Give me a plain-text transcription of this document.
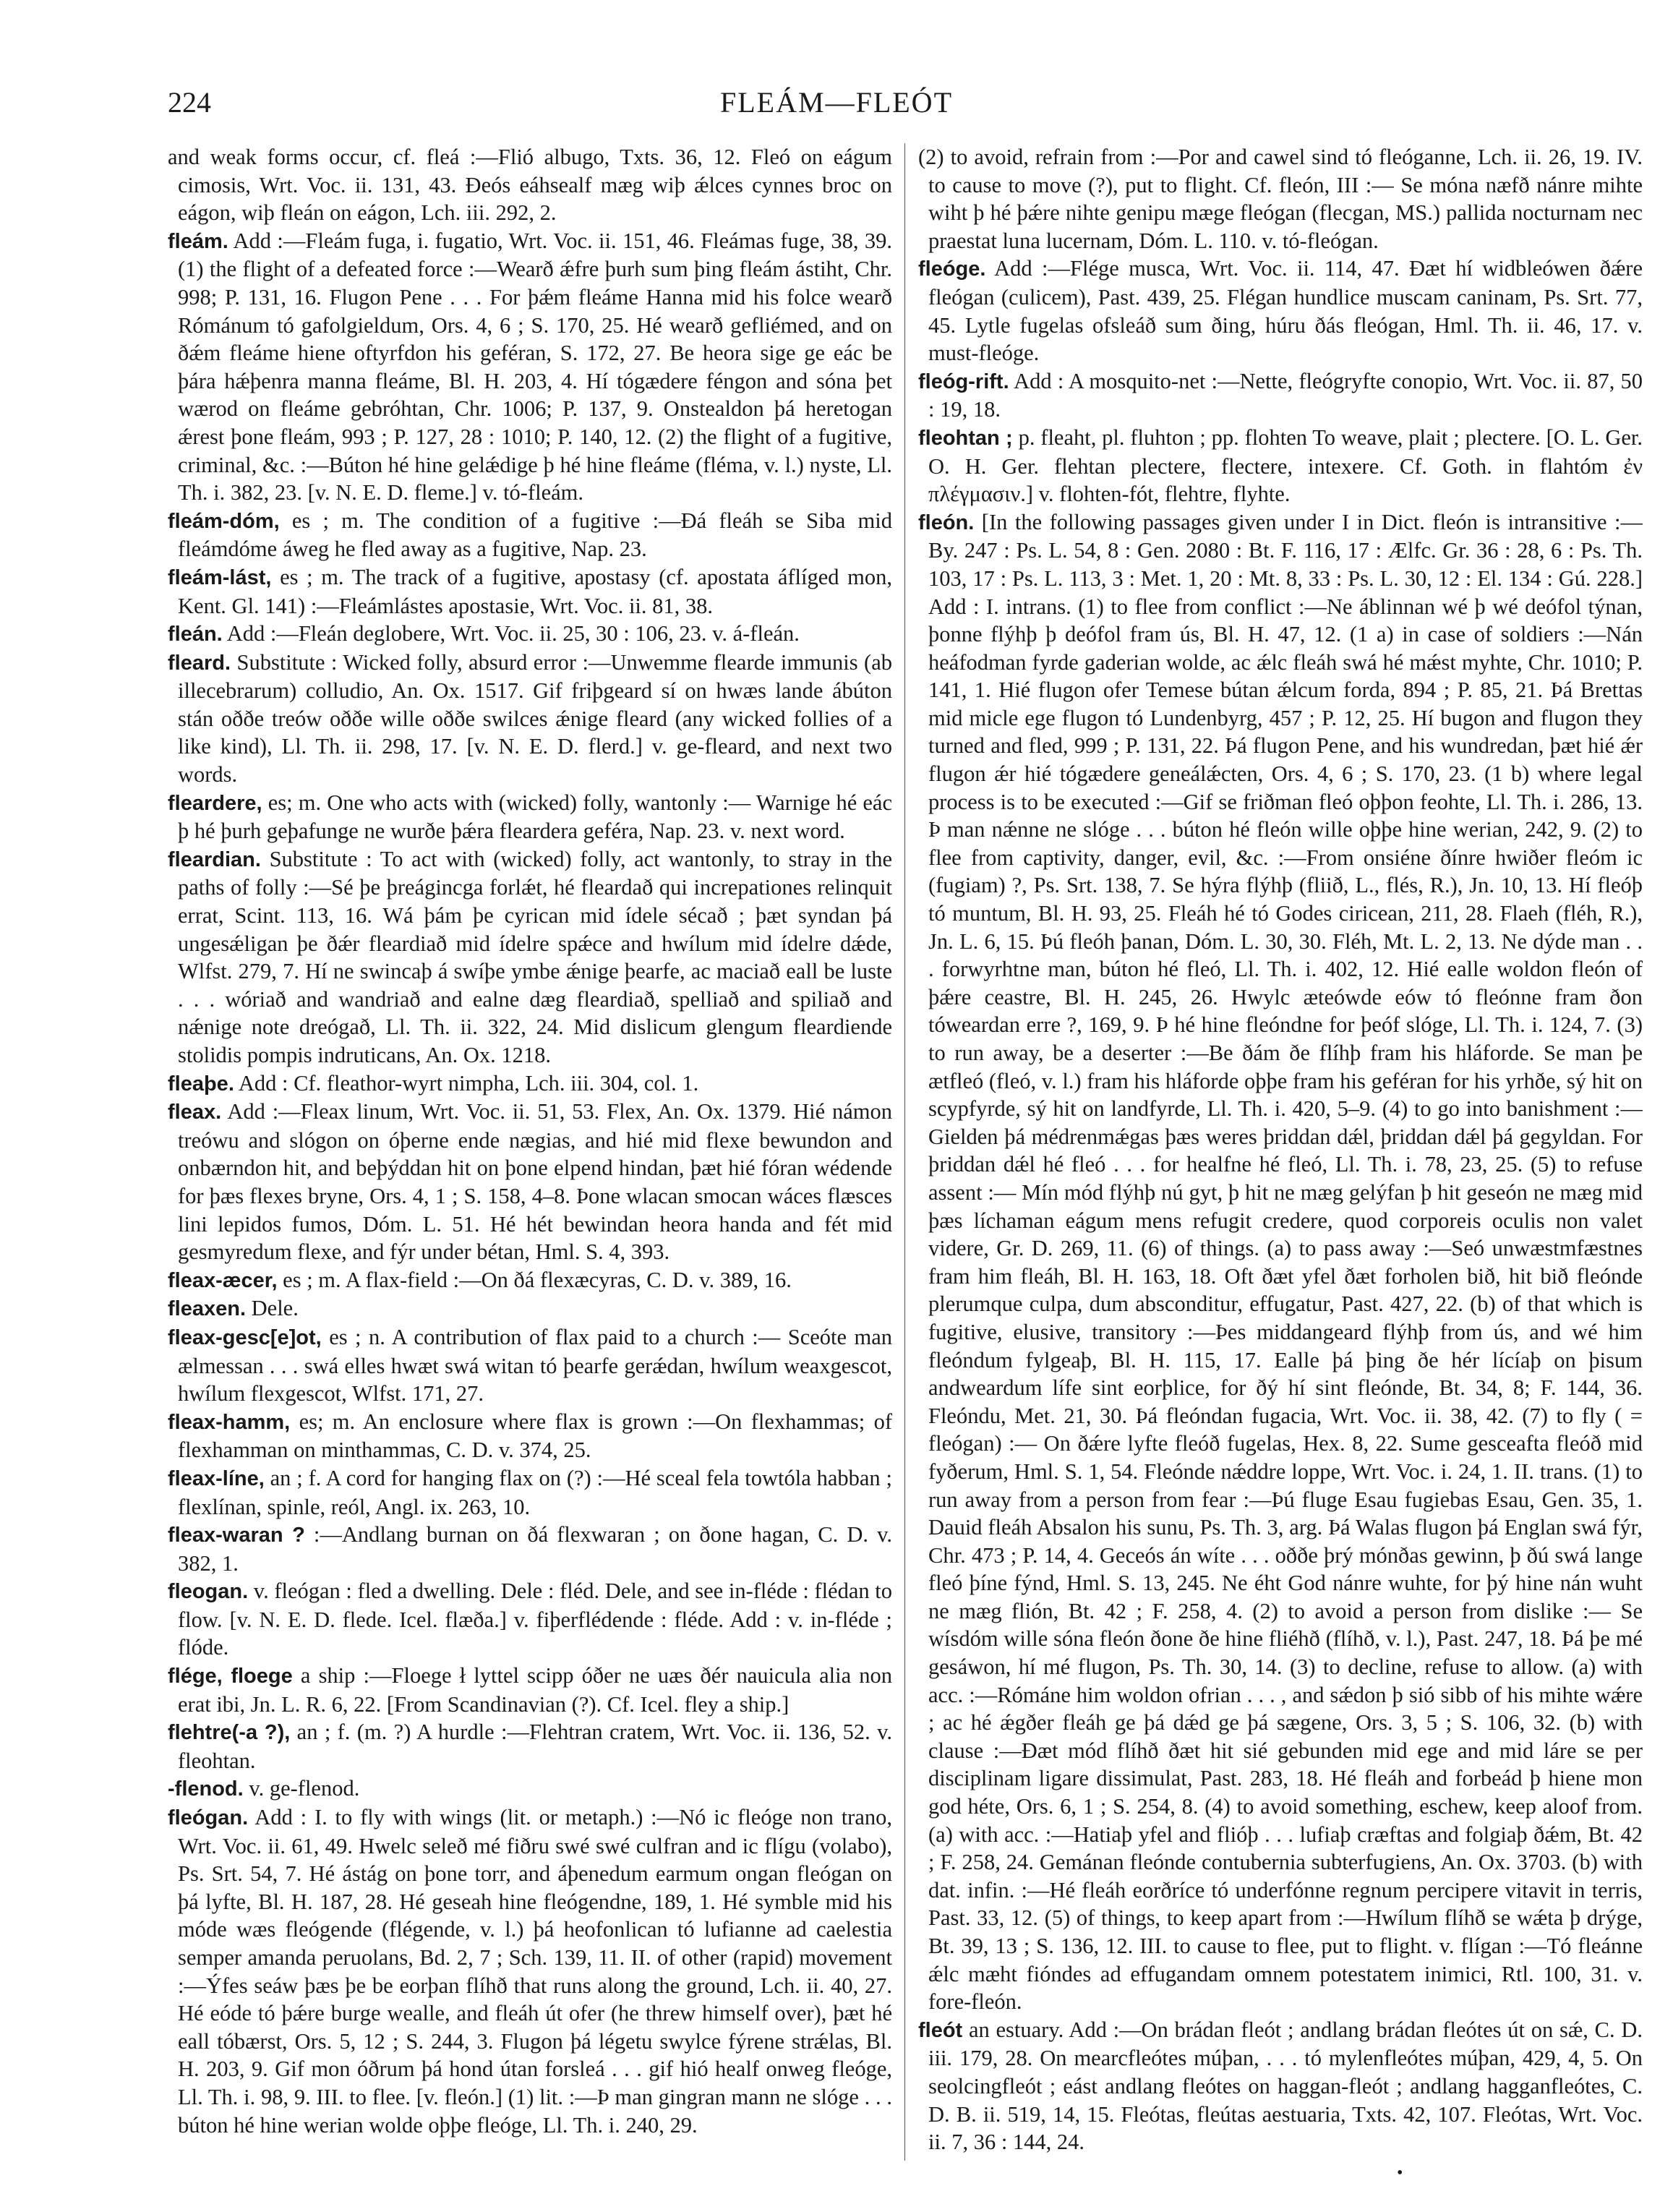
224	FLEÁM—FLEÓT

and weak forms occur, cf. fleá :—Flió albugo, Txts. 36, 12. Fleó on eágum cimosis, Wrt. Voc. ii. 131, 43. Ðeós eáhsealf mæg wiþ ǽlces cynnes broc on eágon, wiþ fleán on eágon, Lch. iii. 292, 2.

fleám. Add :—Fleám fuga, i. fugatio, Wrt. Voc. ii. 151, 46. Fleámas fuge, 38, 39. (1) the flight of a defeated force :—Wearð ǽfre þurh sum þing fleám ástiht, Chr. 998; P. 131, 16. Flugon Pene . . . For þǽm fleáme Hanna mid his folce wearð Rómánum tó gafolgieldum, Ors. 4, 6 ; S. 170, 25. Hé wearð gefliémed, and on ðǽm fleáme hiene oftyrfdon his geféran, S. 172, 27. Be heora sige ge eác be þára hǽþenra manna fleáme, Bl. H. 203, 4. Hí tógædere féngon and sóna þet wærod on fleáme gebróhtan, Chr. 1006; P. 137, 9. Onstealdon þá heretogan ǽrest þone fleám, 993 ; P. 127, 28 : 1010; P. 140, 12. (2) the flight of a fugitive, criminal, &c. :—Búton hé hine gelǽdige þ hé hine fleáme (fléma, v. l.) nyste, Ll. Th. i. 382, 23. [v. N. E. D. fleme.] v. tó-fleám.

fleám-dóm, es ; m. The condition of a fugitive :—Ðá fleáh se Siba mid fleámdóme áweg he fled away as a fugitive, Nap. 23.

fleám-lást, es ; m. The track of a fugitive, apostasy (cf. apostata áflíged mon, Kent. Gl. 141) :—Fleámlástes apostasie, Wrt. Voc. ii. 81, 38.

fleán. Add :—Fleán deglobere, Wrt. Voc. ii. 25, 30 : 106, 23. v. á-fleán.

fleard. Substitute : Wicked folly, absurd error :—Unwemme flearde immunis (ab illecebrarum) colludio, An. Ox. 1517. Gif friþgeard sí on hwæs lande ábúton stán oððe treów oððe wille oððe swilces ǽnige fleard (any wicked follies of a like kind), Ll. Th. ii. 298, 17. [v. N. E. D. flerd.] v. ge-fleard, and next two words.

fleardere, es; m. One who acts with (wicked) folly, wantonly :— Warnige hé eác þ hé þurh geþafunge ne wurðe þǽra fleardera geféra, Nap. 23. v. next word.

fleardian. Substitute : To act with (wicked) folly, act wantonly, to stray in the paths of folly :—Sé þe þreágincga forlǽt, hé fleardað qui increpationes relinquit errat, Scint. 113, 16. Wá þám þe cyrican mid ídele sécað ; þæt syndan þá ungesǽligan þe ðǽr fleardiað mid ídelre spǽce and hwílum mid ídelre dǽde, Wlfst. 279, 7. Hí ne swincaþ á swíþe ymbe ǽnige þearfe, ac maciað eall be luste . . . wóriað and wandriað and ealne dæg fleardiað, spelliað and spiliað and nǽnige note dreógað, Ll. Th. ii. 322, 24. Mid dislicum glengum fleardiende stolidis pompis indruticans, An. Ox. 1218.

fleaþe. Add : Cf. fleathor-wyrt nimpha, Lch. iii. 304, col. 1.

fleax. Add :—Fleax linum, Wrt. Voc. ii. 51, 53. Flex, An. Ox. 1379. Hié námon treówu and slógon on óþerne ende nægias, and hié mid flexe bewundon and onbærndon hit, and beþýddan hit on þone elpend hindan, þæt hié fóran wédende for þæs flexes bryne, Ors. 4, 1 ; S. 158, 4–8. Þone wlacan smocan wáces flæsces lini lepidos fumos, Dóm. L. 51. Hé hét bewindan heora handa and fét mid gesmyredum flexe, and fýr under bétan, Hml. S. 4, 393.

fleax-æcer, es ; m. A flax-field :—On ðá flexæcyras, C. D. v. 389, 16.

fleaxen. Dele.

fleax-gesc[e]ot, es ; n. A contribution of flax paid to a church :— Sceóte man ælmessan . . . swá elles hwæt swá witan tó þearfe gerǽdan, hwílum weaxgescot, hwílum flexgescot, Wlfst. 171, 27.

fleax-hamm, es; m. An enclosure where flax is grown :—On flexhammas; of flexhamman on minthammas, C. D. v. 374, 25.

fleax-líne, an ; f. A cord for hanging flax on (?) :—Hé sceal fela towtóla habban ; flexlínan, spinle, reól, Angl. ix. 263, 10.

fleax-waran ? :—Andlang burnan on ðá flexwaran ; on ðone hagan, C. D. v. 382, 1.

fleogan. v. fleógan : fled a dwelling. Dele : fléd. Dele, and see in-fléde : flédan to flow. [v. N. E. D. flede. Icel. flæða.] v. fiþerflédende : fléde. Add : v. in-fléde ; flóde.

flége, floege a ship :—Floege ł lyttel scipp óðer ne uæs ðér nauicula alia non erat ibi, Jn. L. R. 6, 22. [From Scandinavian (?). Cf. Icel. fley a ship.]

flehtre(-a ?), an ; f. (m. ?) A hurdle :—Flehtran cratem, Wrt. Voc. ii. 136, 52. v. fleohtan.

-flenod. v. ge-flenod.

fleógan. Add : I. to fly with wings (lit. or metaph.) :—Nó ic fleóge non trano, Wrt. Voc. ii. 61, 49. Hwelc seleð mé fiðru swé swé culfran and ic flígu (volabo), Ps. Srt. 54, 7. Hé ástág on þone torr, and áþenedum earmum ongan fleógan on þá lyfte, Bl. H. 187, 28. Hé geseah hine fleógendne, 189, 1. Hé symble mid his móde wæs fleógende (flégende, v. l.) þá heofonlican tó lufianne ad caelestia semper amanda peruolans, Bd. 2, 7 ; Sch. 139, 11. II. of other (rapid) movement :—Ýfes seáw þæs þe be eorþan flíhð that runs along the ground, Lch. ii. 40, 27. Hé eóde tó þǽre burge wealle, and fleáh út ofer (he threw himself over), þæt hé eall tóbærst, Ors. 5, 12 ; S. 244, 3. Flugon þá légetu swylce fýrene strǽlas, Bl. H. 203, 9. Gif mon óðrum þá hond útan forsleá . . . gif hió healf onweg fleóge, Ll. Th. i. 98, 9. III. to flee. [v. fleón.] (1) lit. :—Þ man gingran mann ne slóge . . . búton hé hine werian wolde oþþe fleóge, Ll. Th. i. 240, 29.

(2) to avoid, refrain from :—Por and cawel sind tó fleóganne, Lch. ii. 26, 19. IV. to cause to move (?), put to flight. Cf. fleón, III :— Se móna næfð nánre mihte wiht þ hé þǽre nihte genipu mæge fleógan (flecgan, MS.) pallida nocturnam nec praestat luna lucernam, Dóm. L. 110. v. tó-fleógan.

fleóge. Add :—Flége musca, Wrt. Voc. ii. 114, 47. Ðæt hí widbleówen ðǽre fleógan (culicem), Past. 439, 25. Flégan hundlice muscam caninam, Ps. Srt. 77, 45. Lytle fugelas ofsleáð sum ðing, húru ðás fleógan, Hml. Th. ii. 46, 17. v. must-fleóge.

fleóg-rift. Add : A mosquito-net :—Nette, fleógryfte conopio, Wrt. Voc. ii. 87, 50 : 19, 18.

fleohtan ; p. fleaht, pl. fluhton ; pp. flohten To weave, plait ; plectere. [O. L. Ger. O. H. Ger. flehtan plectere, flectere, intexere. Cf. Goth. in flahtóm ἐν πλέγμασιν.] v. flohten-fót, flehtre, flyhte.

fleón. [In the following passages given under I in Dict. fleón is intransitive :—By. 247 : Ps. L. 54, 8 : Gen. 2080 : Bt. F. 116, 17 : Ælfc. Gr. 36 : 28, 6 : Ps. Th. 103, 17 : Ps. L. 113, 3 : Met. 1, 20 : Mt. 8, 33 : Ps. L. 30, 12 : El. 134 : Gú. 228.] Add : I. intrans. (1) to flee from conflict :—Ne áblinnan wé þ wé deófol týnan, þonne flýhþ þ deófol fram ús, Bl. H. 47, 12. (1 a) in case of soldiers :—Nán heáfodman fyrde gaderian wolde, ac ǽlc fleáh swá hé mǽst myhte, Chr. 1010; P. 141, 1. Hié flugon ofer Temese bútan ǽlcum forda, 894 ; P. 85, 21. Þá Brettas mid micle ege flugon tó Lundenbyrg, 457 ; P. 12, 25. Hí bugon and flugon they turned and fled, 999 ; P. 131, 22. Þá flugon Pene, and his wundredan, þæt hié ǽr flugon ǽr hié tógædere geneálǽcten, Ors. 4, 6 ; S. 170, 23. (1 b) where legal process is to be executed :—Gif se friðman fleó oþþon feohte, Ll. Th. i. 286, 13. Þ man nǽnne ne slóge . . . búton hé fleón wille oþþe hine werian, 242, 9. (2) to flee from captivity, danger, evil, &c. :—From onsiéne ðínre hwiðer fleóm ic (fugiam) ?, Ps. Srt. 138, 7. Se hýra flýhþ (fliið, L., flés, R.), Jn. 10, 13. Hí fleóþ tó muntum, Bl. H. 93, 25. Fleáh hé tó Godes ciricean, 211, 28. Flaeh (fléh, R.), Jn. L. 6, 15. Þú fleóh þanan, Dóm. L. 30, 30. Fléh, Mt. L. 2, 13. Ne dýde man . . . forwyrhtne man, búton hé fleó, Ll. Th. i. 402, 12. Hié ealle woldon fleón of þǽre ceastre, Bl. H. 245, 26. Hwylc æteówde eów tó fleónne fram ðon tóweardan erre ?, 169, 9. Þ hé hine fleóndne for þeóf slóge, Ll. Th. i. 124, 7. (3) to run away, be a deserter :—Be ðám ðe flíhþ fram his hláforde. Se man þe ætfleó (fleó, v. l.) fram his hláforde oþþe fram his geféran for his yrhðe, sý hit on scypfyrde, sý hit on landfyrde, Ll. Th. i. 420, 5–9. (4) to go into banishment :—Gielden þá médrenmǽgas þæs weres þriddan dǽl, þriddan dǽl þá gegyldan. For þriddan dǽl hé fleó . . . for healfne hé fleó, Ll. Th. i. 78, 23, 25. (5) to refuse assent :— Mín mód flýhþ nú gyt, þ hit ne mæg gelýfan þ hit geseón ne mæg mid þæs líchaman eágum mens refugit credere, quod corporeis oculis non valet videre, Gr. D. 269, 11. (6) of things. (a) to pass away :—Seó unwæstmfæstnes fram him fleáh, Bl. H. 163, 18. Oft ðæt yfel ðæt forholen bið, hit bið fleónde plerumque culpa, dum absconditur, effugatur, Past. 427, 22. (b) of that which is fugitive, elusive, transitory :—Þes middangeard flýhþ from ús, and wé him fleóndum fylgeaþ, Bl. H. 115, 17. Ealle þá þing ðe hér lícíaþ on þisum andweardum lífe sint eorþlice, for ðý hí sint fleónde, Bt. 34, 8; F. 144, 36. Fleóndu, Met. 21, 30. Þá fleóndan fugacia, Wrt. Voc. ii. 38, 42. (7) to fly ( = fleógan) :— On ðǽre lyfte fleóð fugelas, Hex. 8, 22. Sume gesceafta fleóð mid fyðerum, Hml. S. 1, 54. Fleónde nǽddre loppe, Wrt. Voc. i. 24, 1. II. trans. (1) to run away from a person from fear :—Þú fluge Esau fugiebas Esau, Gen. 35, 1. Dauid fleáh Absalon his sunu, Ps. Th. 3, arg. Þá Walas flugon þá Englan swá fýr, Chr. 473 ; P. 14, 4. Geceós án wíte . . . oððe þrý mónðas gewinn, þ ðú swá lange fleó þíne fýnd, Hml. S. 13, 245. Ne éht God nánre wuhte, for þý hine nán wuht ne mæg flión, Bt. 42 ; F. 258, 4. (2) to avoid a person from dislike :— Se wísdóm wille sóna fleón ðone ðe hine fliéhð (flíhð, v. l.), Past. 247, 18. Þá þe mé gesáwon, hí mé flugon, Ps. Th. 30, 14. (3) to decline, refuse to allow. (a) with acc. :—Rómáne him woldon ofrian . . . , and sǽdon þ sió sibb of his mihte wǽre ; ac hé ǽgðer fleáh ge þá dǽd ge þá sægene, Ors. 3, 5 ; S. 106, 32. (b) with clause :—Ðæt mód flíhð ðæt hit sié gebunden mid ege and mid láre se per disciplinam ligare dissimulat, Past. 283, 18. Hé fleáh and forbeád þ hiene mon god héte, Ors. 6, 1 ; S. 254, 8. (4) to avoid something, eschew, keep aloof from. (a) with acc. :—Hatiaþ yfel and flióþ . . . lufiaþ cræftas and folgiaþ ðǽm, Bt. 42 ; F. 258, 24. Gemánan fleónde contubernia subterfugiens, An. Ox. 3703. (b) with dat. infin. :—Hé fleáh eorðríce tó underfónne regnum percipere vitavit in terris, Past. 33, 12. (5) of things, to keep apart from :—Hwílum flíhð se wǽta þ drýge, Bt. 39, 13 ; S. 136, 12. III. to cause to flee, put to flight. v. flígan :—Tó fleánne ǽlc mæht fióndes ad effugandam omnem potestatem inimici, Rtl. 100, 31. v. fore-fleón.

fleót an estuary. Add :—On brádan fleót ; andlang brádan fleótes út on sǽ, C. D. iii. 179, 28. On mearcfleótes múþan, . . . tó mylenfleótes múþan, 429, 4, 5. On seolcingfleót ; eást andlang fleótes on haggan-fleót ; andlang hagganfleótes, C. D. B. ii. 519, 14, 15. Fleótas, fleútas aestuaria, Txts. 42, 107. Fleótas, Wrt. Voc. ii. 7, 36 : 144, 24.

•
